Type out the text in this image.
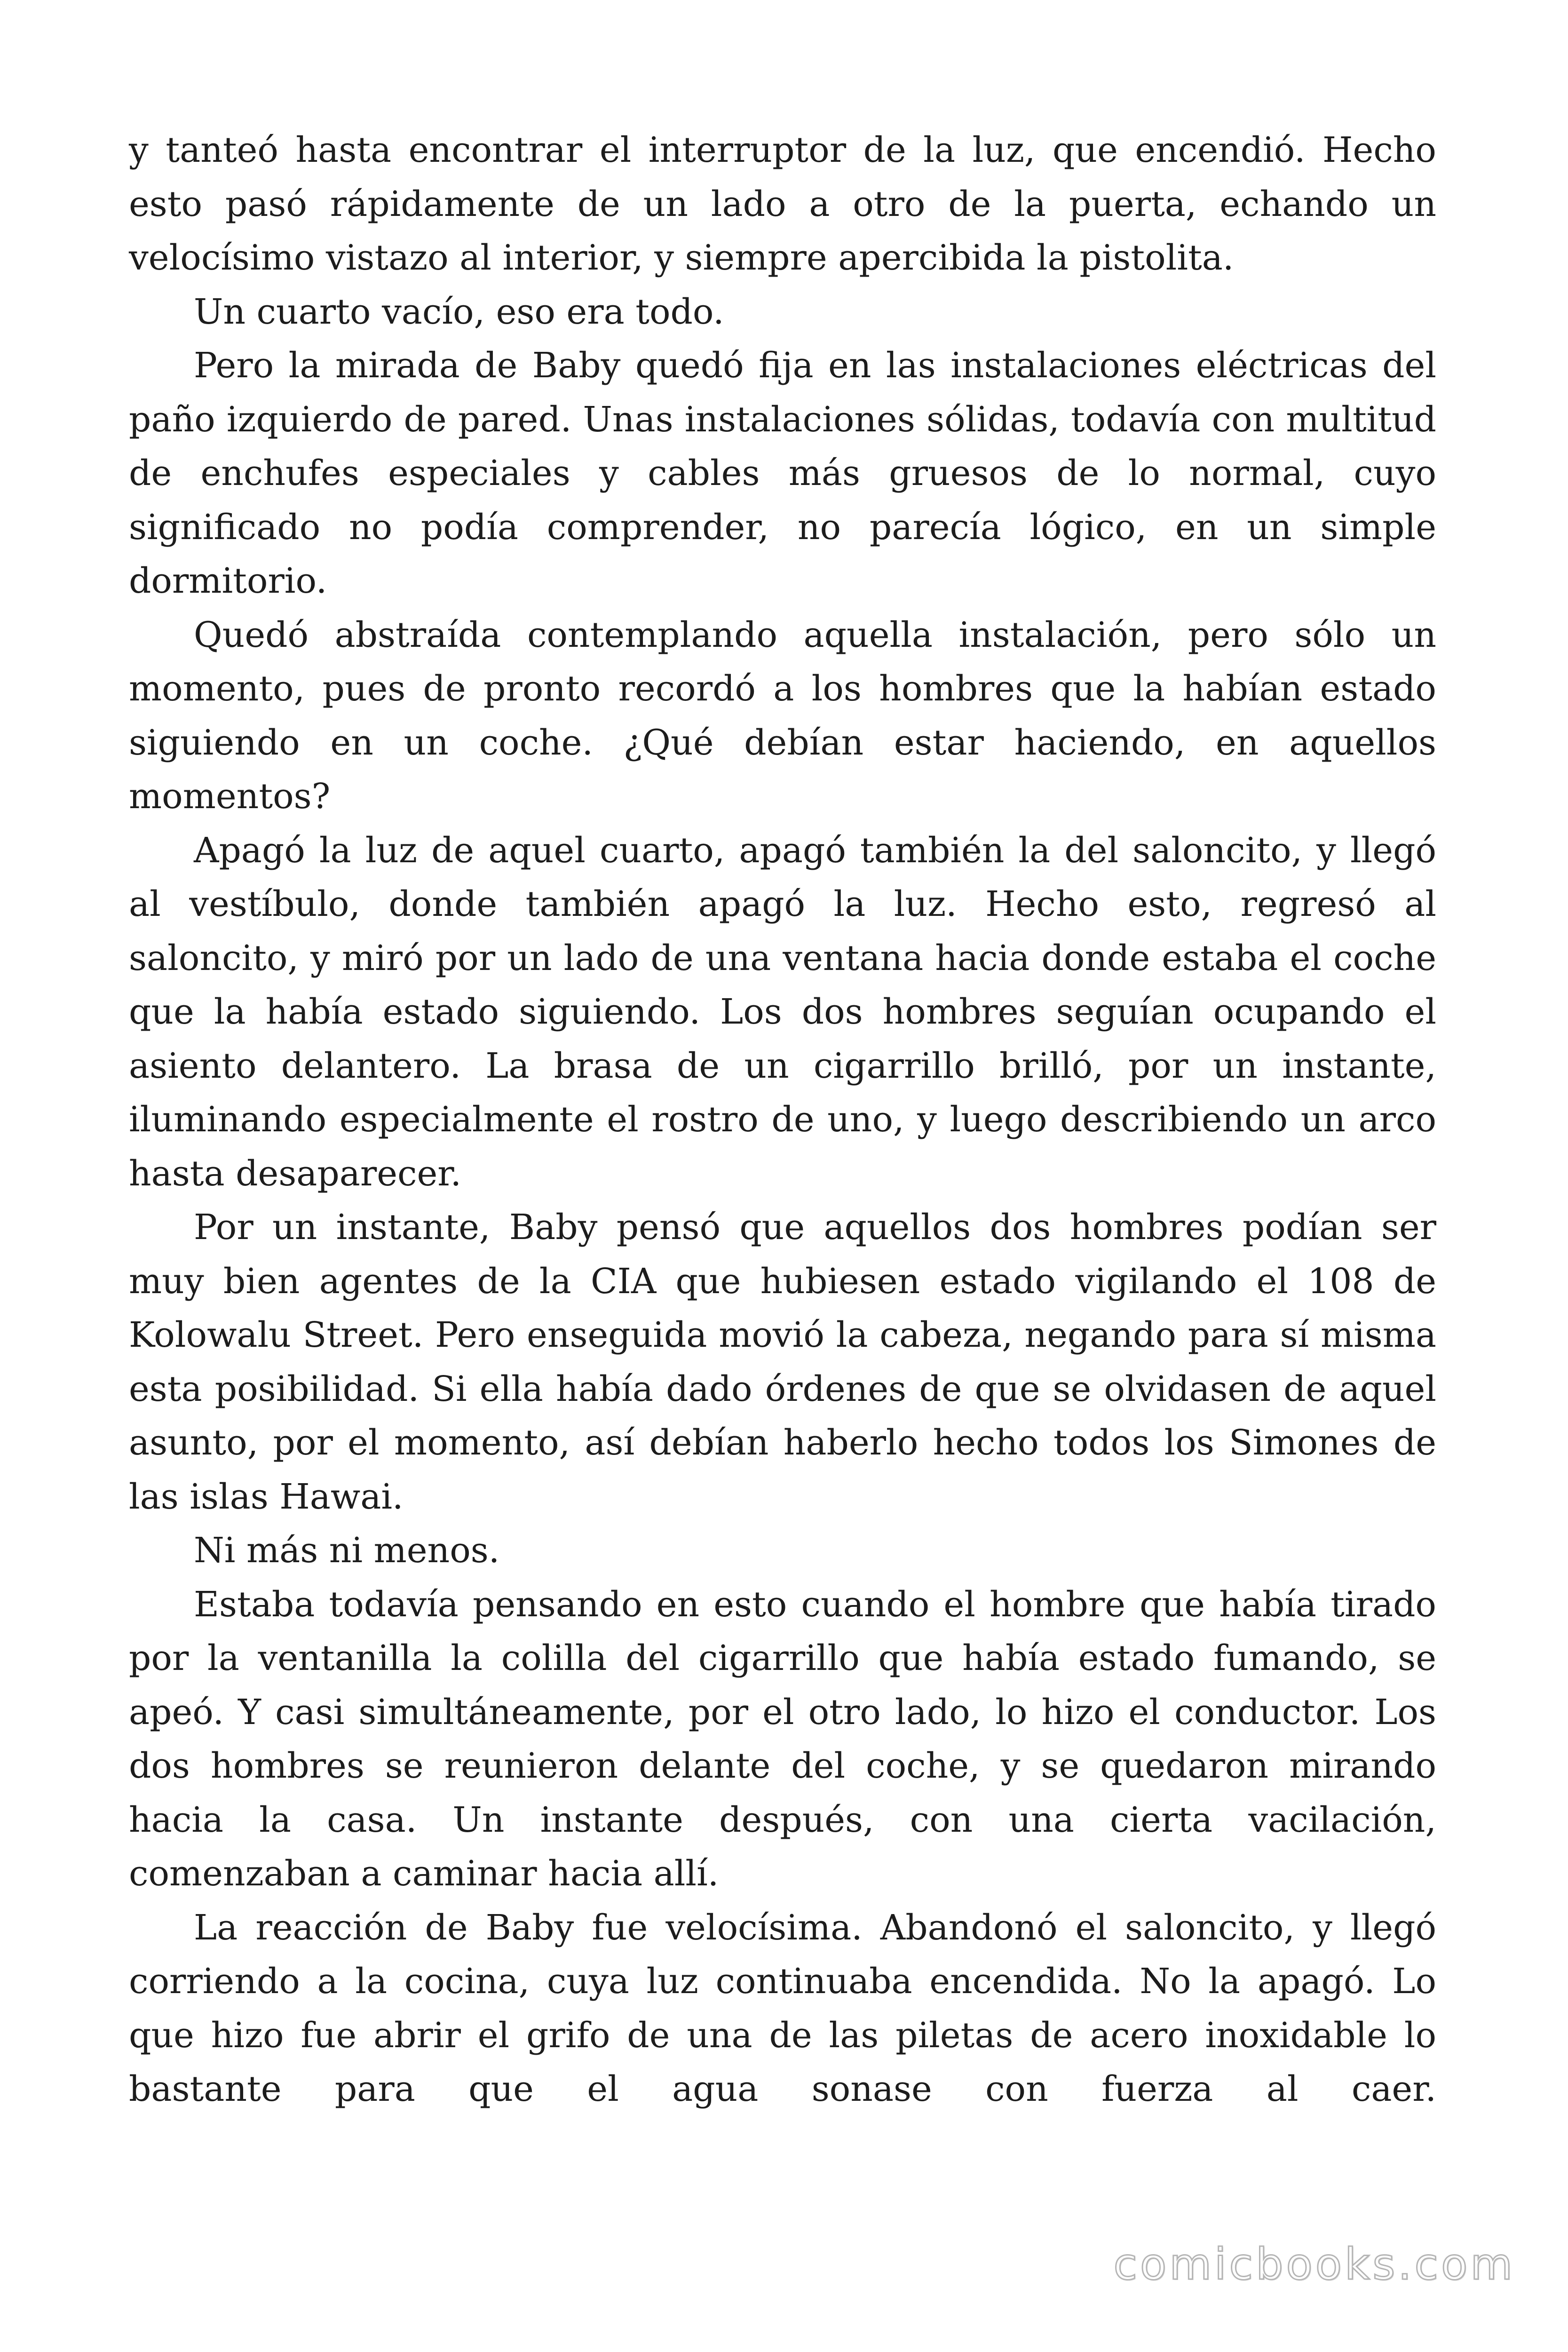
y tanteó hasta encontrar el interruptor de la luz, que encendió. Hecho esto pasó rápidamente de un lado a otro de la puerta, echando un velocísimo vistazo al interior, y siempre apercibida la pistolita.

Un cuarto vacío, eso era todo.

Pero la mirada de Baby quedó fija en las instalaciones eléctricas del paño izquierdo de pared. Unas instalaciones sólidas, todavía con multitud de enchufes especiales y cables más gruesos de lo normal, cuyo significado no podía comprender, no parecía lógico, en un simple dormitorio.

Quedó abstraída contemplando aquella instalación, pero sólo un momento, pues de pronto recordó a los hombres que la habían estado siguiendo en un coche. ¿Qué debían estar haciendo, en aquellos momentos?

Apagó la luz de aquel cuarto, apagó también la del saloncito, y llegó al vestíbulo, donde también apagó la luz. Hecho esto, regresó al saloncito, y miró por un lado de una ventana hacia donde estaba el coche que la había estado siguiendo. Los dos hombres seguían ocupando el asiento delantero. La brasa de un cigarrillo brilló, por un instante, iluminando especialmente el rostro de uno, y luego describiendo un arco hasta desaparecer.

Por un instante, Baby pensó que aquellos dos hombres podían ser muy bien agentes de la CIA que hubiesen estado vigilando el 108 de Kolowalu Street. Pero enseguida movió la cabeza, negando para sí misma esta posibilidad. Si ella había dado órdenes de que se olvidasen de aquel asunto, por el momento, así debían haberlo hecho todos los Simones de las islas Hawai.

Ni más ni menos.

Estaba todavía pensando en esto cuando el hombre que había tirado por la ventanilla la colilla del cigarrillo que había estado fumando, se apeó. Y casi simultáneamente, por el otro lado, lo hizo el conductor. Los dos hombres se reunieron delante del coche, y se quedaron mirando hacia la casa. Un instante después, con una cierta vacilación, comenzaban a caminar hacia allí.

La reacción de Baby fue velocísima. Abandonó el saloncito, y llegó corriendo a la cocina, cuya luz continuaba encendida. No la apagó. Lo que hizo fue abrir el grifo de una de las piletas de acero inoxidable lo bastante para que el agua sonase con fuerza al caer.

comicbooks.com
